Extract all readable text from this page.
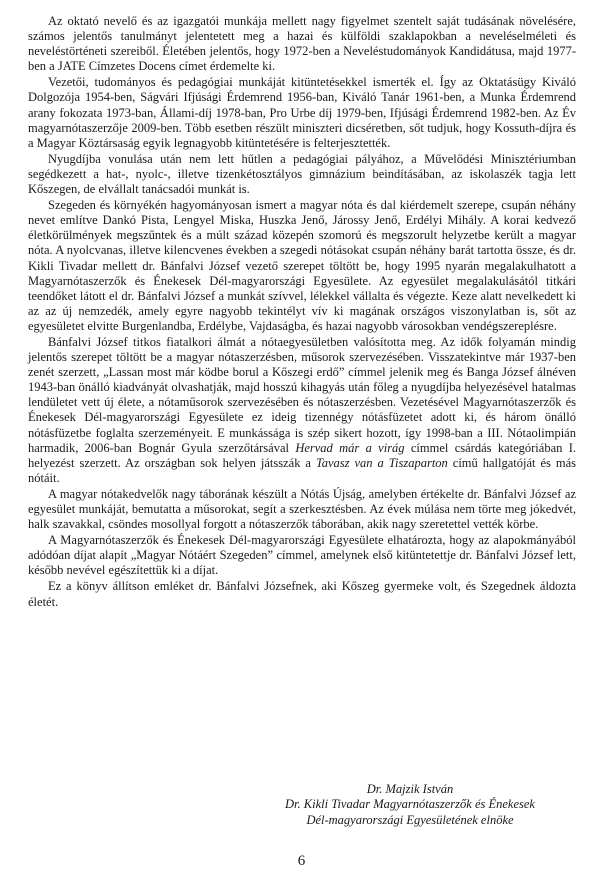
Az oktató nevelő és az igazgatói munkája mellett nagy figyelmet szentelt saját tudásának növelésére, számos jelentős tanulmányt jelentetett meg a hazai és külföldi szaklapokban a neveléselméleti és neveléstörténeti szereiből. Életében jelentős, hogy 1972-ben a Neveléstudományok Kandidátusa, majd 1977-ben a JATE Címzetes Docens címet érdemelte ki.

Vezetői, tudományos és pedagógiai munkáját kitüntetésekkel ismerték el. Így az Oktatásügy Kiváló Dolgozója 1954-ben, Ságvári Ifjúsági Érdemrend 1956-ban, Kiváló Tanár 1961-ben, a Munka Érdemrend arany fokozata 1973-ban, Állami-díj 1978-ban, Pro Urbe díj 1979-ben, Ifjúsági Érdemrend 1982-ben. Az Év magyarnótaszerzője 2009-ben. Több esetben részült miniszteri dicséretben, sőt tudjuk, hogy Kossuth-díjra és a Magyar Köztársaság egyik legnagyobb kitüntetésére is felterjesztették.

Nyugdíjba vonulása után nem lett hűtlen a pedagógiai pályához, a Művelődési Minisztériumban segédkezett a hat-, nyolc-, illetve tizenkétosztályos gimnázium beindításában, az iskolaszék tagja lett Kőszegen, de elvállalt tanácsadói munkát is.

Szegeden és környékén hagyományosan ismert a magyar nóta és dal kiérdemelt szerepe, csupán néhány nevet említve Dankó Pista, Lengyel Miska, Huszka Jenő, Járossy Jenő, Erdélyi Mihály. A korai kedvező életkörülmények megszűntek és a múlt század közepén szomorú és megszorult helyzetbe került a magyar nóta. A nyolcvanas, illetve kilencvenes években a szegedi nótásokat csupán néhány barát tartotta össze, és dr. Kikli Tivadar mellett dr. Bánfalvi József vezető szerepet töltött be, hogy 1995 nyarán megalakulhatott a Magyarnótaszerzők és Énekesek Dél-magyarországi Egyesülete. Az egyesület megalakulásától titkári teendőket látott el dr. Bánfalvi József a munkát szívvel, lélekkel vállalta és végezte. Keze alatt nevelkedett ki az az új nemzedék, amely egyre nagyobb tekintélyt vív ki magának országos viszonylatban is, sőt az egyesületet elvitte Burgenlandba, Erdélybe, Vajdaságba, és hazai nagyobb városokban vendégszereplésre.

Bánfalvi József titkos fiatalkori álmát a nótaegyesületben valósította meg. Az idők folyamán mindig jelentős szerepet töltött be a magyar nótaszerzésben, műsorok szervezésében. Visszatekintve már 1937-ben zenét szerzett, „Lassan most már ködbe borul a Kőszegi erdő” címmel jelenik meg és Banga József álnéven 1943-ban önálló kiadványát olvashatják, majd hosszú kihagyás után főleg a nyugdíjba helyezésével hatalmas lendületet vett új élete, a nótaműsorok szervezésében és nótaszerzésben. Vezetésével Magyarnótaszerzők és Énekesek Dél-magyarországi Egyesülete ez ideig tizennégy nótásfüzetet adott ki, és három önálló nótásfüzetbe foglalta szerzeményeit. E munkássága is szép sikert hozott, így 1998-ban a III. Nótaolimpián harmadik, 2006-ban Bognár Gyula szerzőtársával Hervad már a virág címmel csárdás kategóriában I. helyezést szerzett. Az országban sok helyen játsszák a Tavasz van a Tiszaparton című hallgatóját és más nótáit.

A magyar nótakedvelők nagy táborának készült a Nótás Újság, amelyben értékelte dr. Bánfalvi József az egyesület munkáját, bemutatta a műsorokat, segít a szerkesztésben. Az évek múlása nem törte meg jókedvét, halk szavakkal, csöndes mosollyal forgott a nótaszerzők táborában, akik nagy szeretettel vették körbe.

A Magyarnótaszerzők és Énekesek Dél-magyarországi Egyesülete elhatározta, hogy az alapokmányából adódóan díjat alapít „Magyar Nótáért Szegeden” címmel, amelynek első kitüntetettje dr. Bánfalvi József lett, később nevével egészítettük ki a díjat.

Ez a könyv állítson emléket dr. Bánfalvi Józsefnek, aki Kőszeg gyermeke volt, és Szegednek áldozta életét.

Dr. Majzik István
Dr. Kikli Tivadar Magyarnótaszerzők és Énekesek
Dél-magyarországi Egyesületének elnöke
6
